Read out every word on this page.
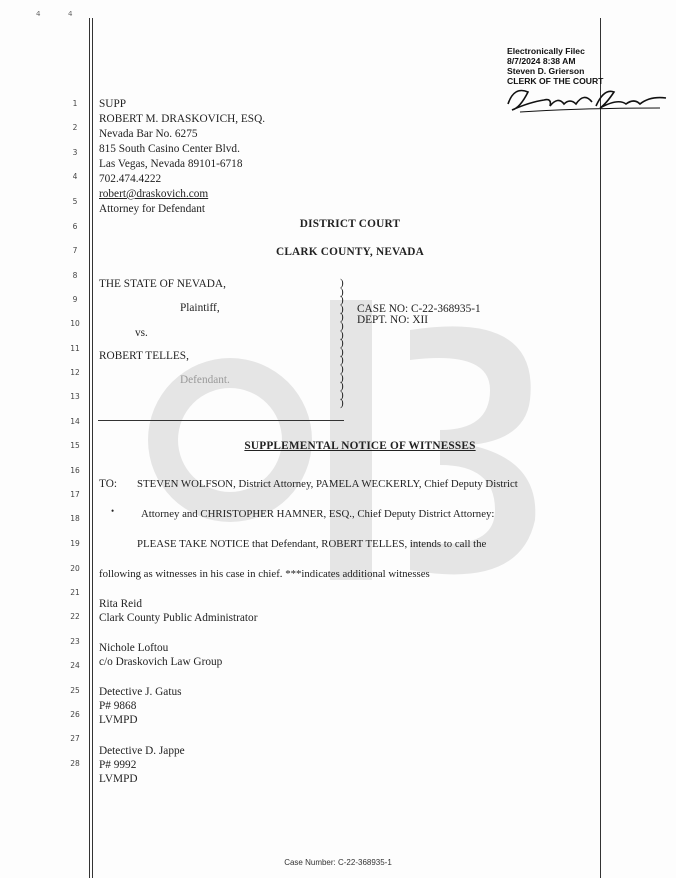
4	4
1
2
3
4
5
6
7
8
9
10
11
12
13
14
15
16
17
18
19
20
21
22
23
24
25
26
27
28
Electronically Filec
8/7/2024 8:38 AM
Steven D. Grierson
CLERK OF THE COURT
SUPP
ROBERT M. DRASKOVICH, ESQ.
Nevada Bar No. 6275
815 South Casino Center Blvd.
Las Vegas, Nevada 89101-6718
702.474.4222
robert@draskovich.com
Attorney for Defendant
DISTRICT COURT
CLARK COUNTY, NEVADA
THE STATE OF NEVADA,
Plaintiff,
vs.
ROBERT TELLES,
Defendant.
)
)
)
)
)
)
)
)
)
)
)
)
)
)
)
CASE NO: C-22-368935-1
DEPT. NO: XII
SUPPLEMENTAL NOTICE OF WITNESSES
TO: STEVEN WOLFSON, District Attorney, PAMELA WECKERLY, Chief Deputy District
• Attorney and CHRISTOPHER HAMNER, ESQ., Chief Deputy District Attorney:
PLEASE TAKE NOTICE that Defendant, ROBERT TELLES, intends to call the
following as witnesses in his case in chief. ***indicates additional witnesses
Rita Reid
Clark County Public Administrator
Nichole Loftou
c/o Draskovich Law Group
Detective J. Gatus
P# 9868
LVMPD
Detective D. Jappe
P# 9992
LVMPD
Case Number: C-22-368935-1
